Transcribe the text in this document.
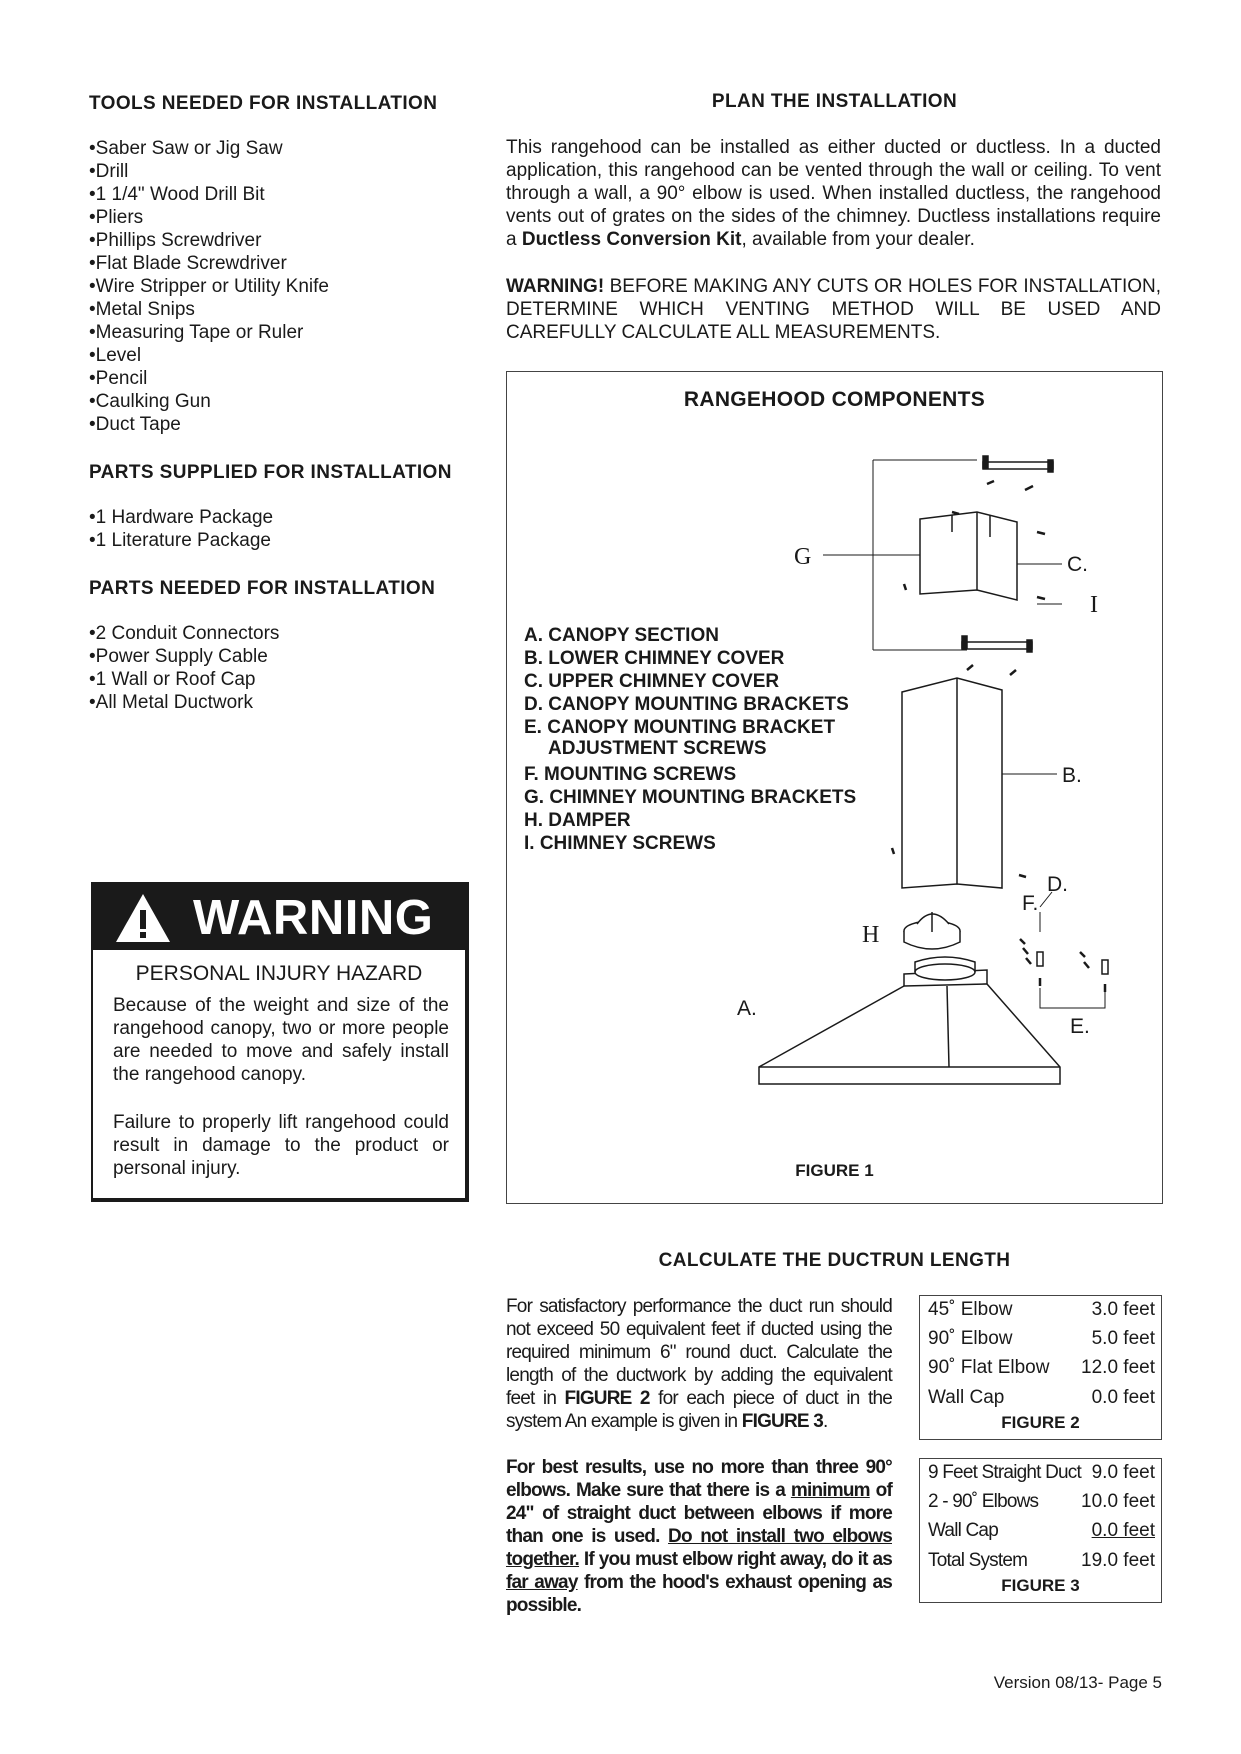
TOOLS NEEDED FOR INSTALLATION
• Saber Saw or Jig Saw
• Drill
• 1 1/4" Wood Drill Bit
• Pliers
• Phillips Screwdriver
• Flat Blade Screwdriver
• Wire Stripper or Utility Knife
• Metal Snips
• Measuring Tape or Ruler
• Level
• Pencil
• Caulking Gun
• Duct Tape
PARTS SUPPLIED FOR INSTALLATION
• 1 Hardware Package
• 1 Literature Package
PARTS NEEDED FOR INSTALLATION
• 2 Conduit Connectors
• Power Supply Cable
• 1 Wall or Roof Cap
• All Metal Ductwork
WARNING
PERSONAL INJURY HAZARD

Because of the weight and size of the rangehood canopy, two or more people are needed to move and safely install the rangehood canopy.

Failure to properly lift rangehood could result in damage to the product or personal injury.

PLAN THE INSTALLATION

This rangehood can be installed as either ducted or ductless. In a ducted application, this rangehood can be vented through the wall or ceiling. To vent through a wall, a 90° elbow is used. When installed ductless, the rangehood vents out of grates on the sides of the chimney. Ductless installations require a Ductless Conversion Kit, available from your dealer.

WARNING! BEFORE MAKING ANY CUTS OR HOLES FOR INSTALLATION, DETERMINE WHICH VENTING METHOD WILL BE USED AND CAREFULLY CALCULATE ALL MEASUREMENTS.

RANGEHOOD COMPONENTS
G	C.
I
B.
D.
F.
H
A.
E.
A. CANOPY SECTION
B. LOWER CHIMNEY COVER
C. UPPER CHIMNEY COVER
D. CANOPY MOUNTING BRACKETS
E. CANOPY MOUNTING BRACKET
ADJUSTMENT SCREWS
F. MOUNTING SCREWS
G. CHIMNEY MOUNTING BRACKETS
H. DAMPER
I. CHIMNEY SCREWS
FIGURE 1
CALCULATE THE DUCTRUN LENGTH

For satisfactory performance the duct run should not exceed 50 equivalent feet if ducted using the required minimum 6" round duct. Calculate the length of the ductwork by adding the equivalent feet in FIGURE 2 for each piece of duct in the system An example is given in FIGURE 3.

For best results, use no more than three 90° elbows. Make sure that there is a minimum of 24" of straight duct between elbows if more than one is used. Do not install two elbows together. If you must elbow right away, do it as far away from the hood's exhaust opening as possible.

45˚ Elbow	3.0 feet
90˚ Elbow	5.0 feet
90˚ Flat Elbow 12.0 feet
Wall Cap	0.0 feet
FIGURE 2
9 Feet Straight Duct 9.0 feet
2 - 90˚ Elbows 10.0 feet
Wall Cap	0.0 feet
Total System	19.0 feet
FIGURE 3
Version 08/13- Page 5
